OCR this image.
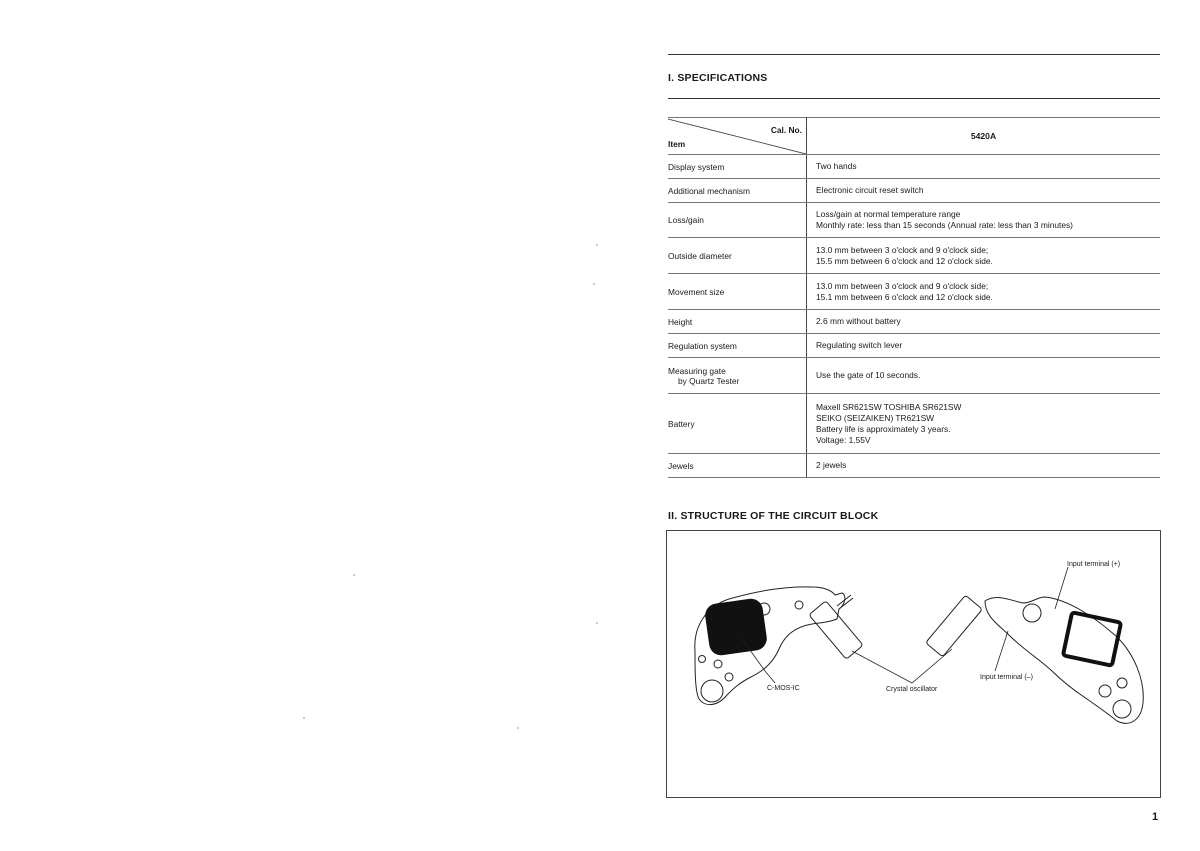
I. SPECIFICATIONS
Cal. No.
Item	5420A

Display system	Two hands

Additional mechanism	Electronic circuit reset switch

Loss/gain	Loss/gain at normal temperature range
Monthly rate: less than 15 seconds (Annual rate: less than 3 minutes)

Outside diameter	13.0 mm between 3 o'clock and 9 o'clock side;
15.5 mm between 6 o'clock and 12 o'clock side.

Movement size	13.0 mm between 3 o'clock and 9 o'clock side;
15.1 mm between 6 o'clock and 12 o'clock side.

Height	2.6 mm without battery

Regulation system	Regulating switch lever

Measuring gate
by Quartz Tester	Use the gate of 10 seconds.

Battery	Maxell SR621SW TOSHIBA SR621SW
SEIKO (SEIZAIKEN) TR621SW
Battery life is approximately 3 years.
Voltage: 1.55V

Jewels	2 jewels
II. STRUCTURE OF THE CIRCUIT BLOCK
C-MOS-IC	Crystal oscillator
Input terminal (+)
Input terminal (–)
1
